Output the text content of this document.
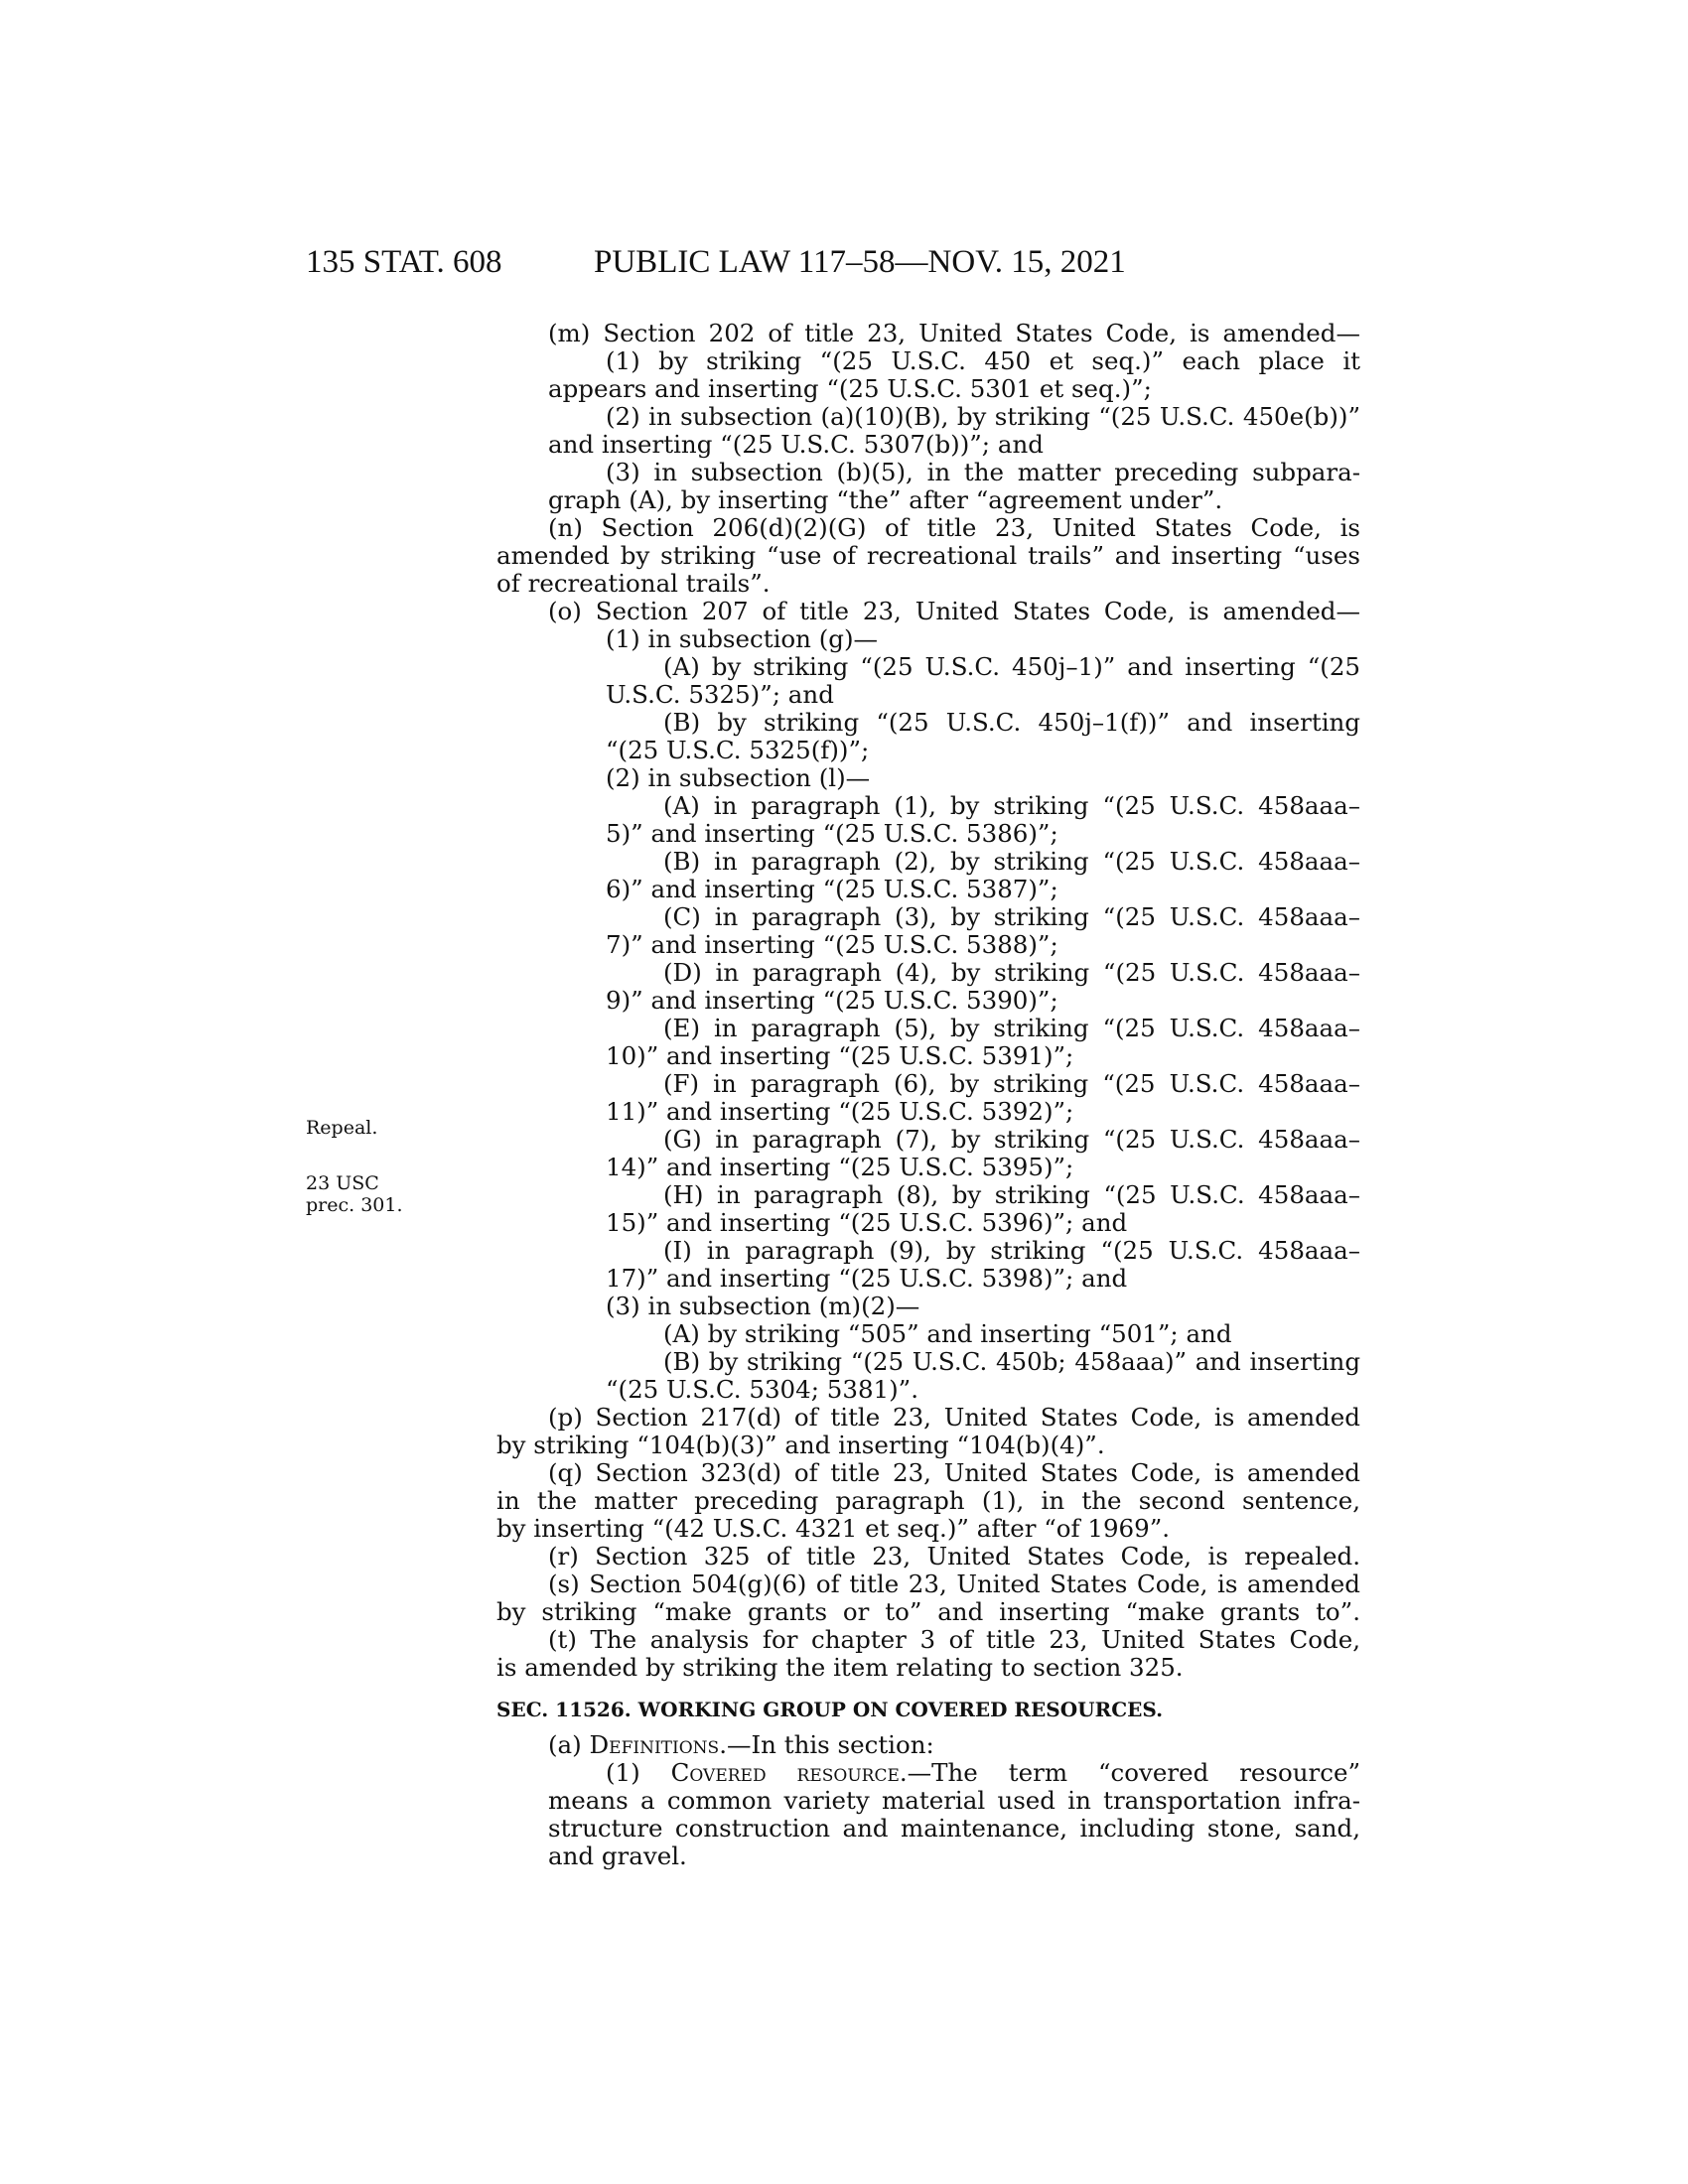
135 STAT. 608	PUBLIC LAW 117–58—NOV. 15, 2021
Repeal.
23 USC
prec. 301.
(m) Section 202 of title 23, United States Code, is amended—
(1) by striking “(25 U.S.C. 450 et seq.)” each place it
appears and inserting “(25 U.S.C. 5301 et seq.)”;
(2) in subsection (a)(10)(B), by striking “(25 U.S.C. 450e(b))”
and inserting “(25 U.S.C. 5307(b))”; and
(3) in subsection (b)(5), in the matter preceding subpara-
graph (A), by inserting “the” after “agreement under”.
(n) Section 206(d)(2)(G) of title 23, United States Code, is
amended by striking “use of recreational trails” and inserting “uses
of recreational trails”.
(o) Section 207 of title 23, United States Code, is amended—
(1) in subsection (g)—
(A) by striking “(25 U.S.C. 450j–1)” and inserting “(25
U.S.C. 5325)”; and
(B) by striking “(25 U.S.C. 450j–1(f))” and inserting
“(25 U.S.C. 5325(f))”;
(2) in subsection (l)—
(A) in paragraph (1), by striking “(25 U.S.C. 458aaa–
5)” and inserting “(25 U.S.C. 5386)”;
(B) in paragraph (2), by striking “(25 U.S.C. 458aaa–
6)” and inserting “(25 U.S.C. 5387)”;
(C) in paragraph (3), by striking “(25 U.S.C. 458aaa–
7)” and inserting “(25 U.S.C. 5388)”;
(D) in paragraph (4), by striking “(25 U.S.C. 458aaa–
9)” and inserting “(25 U.S.C. 5390)”;
(E) in paragraph (5), by striking “(25 U.S.C. 458aaa–
10)” and inserting “(25 U.S.C. 5391)”;
(F) in paragraph (6), by striking “(25 U.S.C. 458aaa–
11)” and inserting “(25 U.S.C. 5392)”;
(G) in paragraph (7), by striking “(25 U.S.C. 458aaa–
14)” and inserting “(25 U.S.C. 5395)”;
(H) in paragraph (8), by striking “(25 U.S.C. 458aaa–
15)” and inserting “(25 U.S.C. 5396)”; and
(I) in paragraph (9), by striking “(25 U.S.C. 458aaa–
17)” and inserting “(25 U.S.C. 5398)”; and
(3) in subsection (m)(2)—
(A) by striking “505” and inserting “501”; and
(B) by striking “(25 U.S.C. 450b; 458aaa)” and inserting
“(25 U.S.C. 5304; 5381)”.
(p) Section 217(d) of title 23, United States Code, is amended
by striking “104(b)(3)” and inserting “104(b)(4)”.
(q) Section 323(d) of title 23, United States Code, is amended
in the matter preceding paragraph (1), in the second sentence,
by inserting “(42 U.S.C. 4321 et seq.)” after “of 1969”.
(r) Section 325 of title 23, United States Code, is repealed.
(s) Section 504(g)(6) of title 23, United States Code, is amended
by striking “make grants or to” and inserting “make grants to”.
(t) The analysis for chapter 3 of title 23, United States Code,
is amended by striking the item relating to section 325.
SEC. 11526. WORKING GROUP ON COVERED RESOURCES.
(a) Definitions.—In this section:
(1) Covered resource.—The term “covered resource”
means a common variety material used in transportation infra-
structure construction and maintenance, including stone, sand,
and gravel.
